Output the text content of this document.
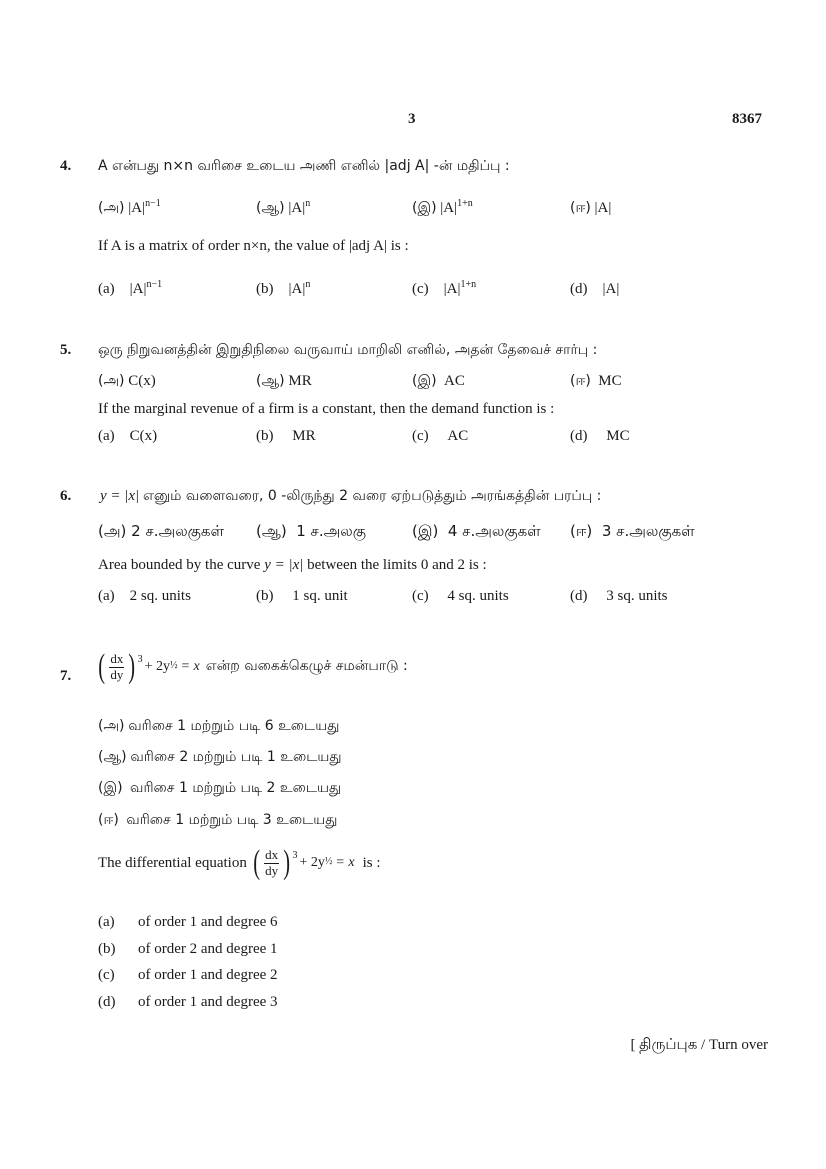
3	8367
4. A என்பது n×n வரிசை உடைய அணி எனில் |adj A| -ன் மதிப்பு :
(அ) $|A|^{n-1}$	(ஆ) $|A|^n$	(இ) $|A|^{1+n}$	(ஈ) |A|
If A is a matrix of order n×n, the value of |adj A| is :
(a) $|A|^{n-1}$	(b) $|A|^n$	(c) $|A|^{1+n}$	(d) |A|
5. ஒரு நிறுவனத்தின் இறுதிநிலை வருவாய் மாறிலி எனில், அதன் தேவைச் சார்பு :
(அ) C(x)	(ஆ) MR	(இ) AC	(ஈ) MC
If the marginal revenue of a firm is a constant, then the demand function is :
(a) C(x)	(b) MR	(c) AC	(d) MC
6. y = |x| எனும் வளைவரை, 0 -லிருந்து 2 வரை ஏற்படுத்தும் அரங்கத்தின் பரப்பு :
(அ) 2 ச.அலகுகள் (ஆ) 1 ச.அலகு	(இ) 4 ச.அலகுகள் (ஈ) 3 ச.அலகுகள்
Area bounded by the curve y = |x| between the limits 0 and 2 is :
(a) 2 sq. units	(b) 1 sq. unit	(c) 4 sq. units	(d) 3 sq. units
7. ( $\frac{dx}{dy} )^3 + 2y$ ½ = x என்ற வகைக்கெழுச் சமன்பாடு :
(அ) வரிசை 1 மற்றும் படி 6 உடையது
(ஆ) வரிசை 2 மற்றும் படி 1 உடையது
(இ) வரிசை 1 மற்றும் படி 2 உடையது
(ஈ) வரிசை 1 மற்றும் படி 3 உடையது
The differential equation ( $\frac{dx}{dy} )^3 + 2y$ ½ = x is :
(a) of order 1 and degree 6
(b) of order 2 and degree 1
(c) of order 1 and degree 2
(d) of order 1 and degree 3
[ திருப்புக / Turn over
